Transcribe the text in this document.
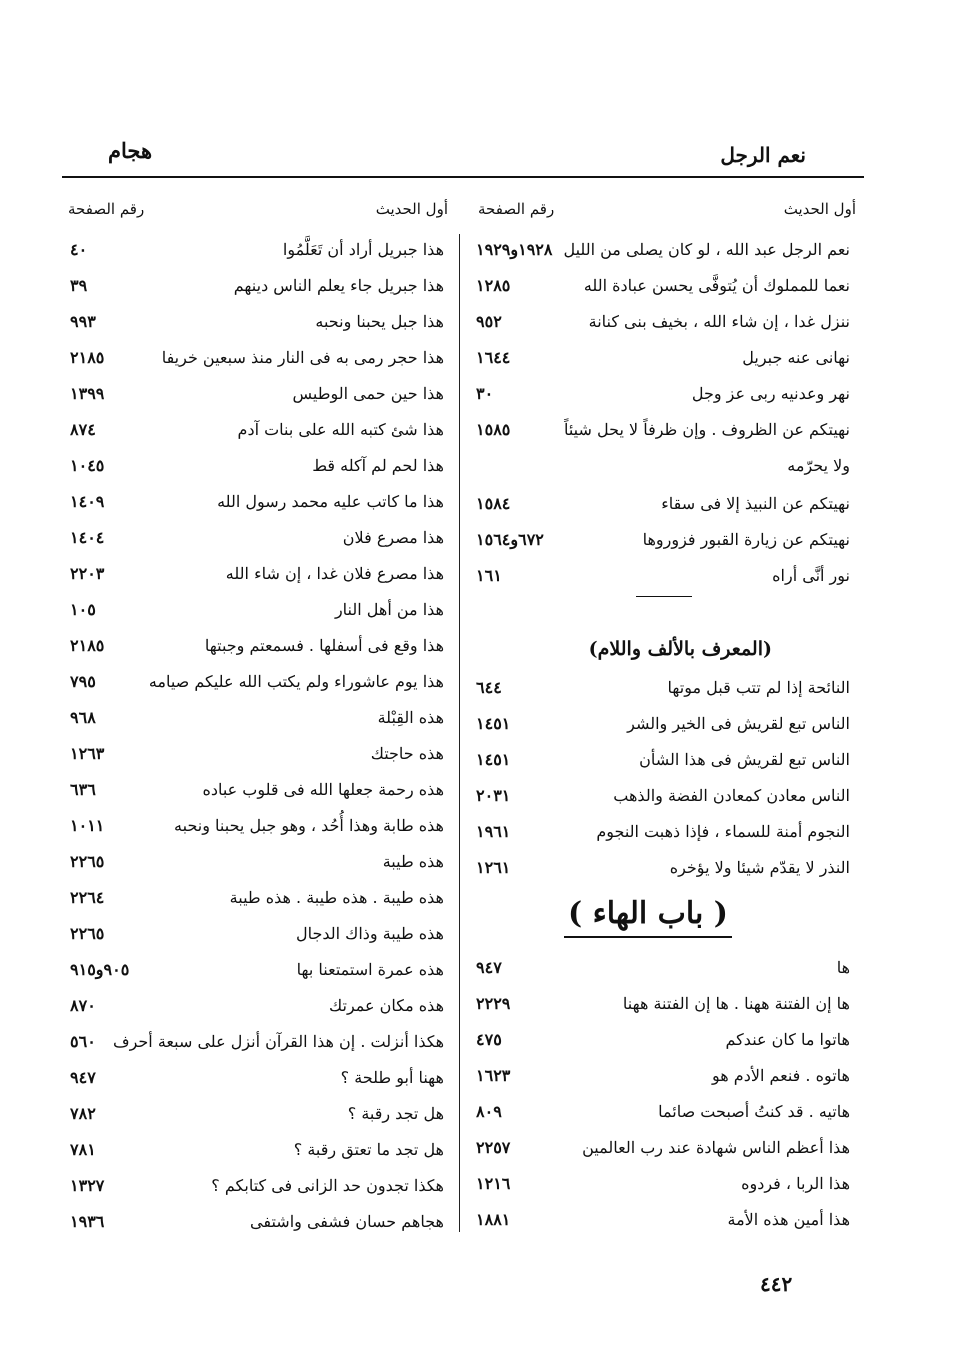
نعم الرجل
هجام
أول الحديث
رقم الصفحة
أول الحديث
رقم الصفحة
نعم الرجل عبد الله ، لو كان يصلى من الليل
١٩٢٨و١٩٢٩
نعما للمملوك أن يُتوفَّى يحسن عبادة الله
١٢٨٥
ننزل غدا ، إن شاء الله ، بخيف بنى كنانة
٩٥٢
نهانى عنه جبريل
١٦٤٤
نهر وعدنيه ربى عز وجل
٣٠
نهيتكم عن الظروف . وإن ظرفاً لا يحل شيئاً
١٥٨٥
ولا يحرّمه
نهيتكم عن النبيذ إلا فى سقاء
١٥٨٤
نهيتكم عن زيارة القبور فزوروها
٦٧٢و١٥٦٤
نور أنَّى أراه
١٦١
(المعرف بالألف واللام)
النائحة إذا لم تتب قبل موتها
٦٤٤
الناس تبع لقريش فى الخير والشر
١٤٥١
الناس تبع لقريش فى هذا الشأن
١٤٥١
الناس معادن كمعادن الفضة والذهب
٢٠٣١
النجوم أمنة للسماء ، فإذا ذهبت النجوم
١٩٦١
النذر لا يقدّم شيئا ولا يؤخره
١٢٦١
( باب الهاء )
ها
٩٤٧
ها إن الفتنة ههنا . ها إن الفتنة ههنا
٢٢٢٩
هاتوا ما كان عندكم
٤٧٥
هاتوه . فنعم الأدم هو
١٦٢٣
هاتيه . قد كنتُ أصبحت صائما
٨٠٩
هذا أعظم الناس شهادة عند رب العالمين
٢٢٥٧
هذا الربا ، فردوه
١٢١٦
هذا أمين هذه الأمة
١٨٨١
هذا جبريل أراد أن تَعَلَّمُوا
٤٠
هذا جبريل جاء يعلم الناس دينهم
٣٩
هذا جبل يحبنا ونحبه
٩٩٣
هذا حجر رمى به فى النار منذ سبعين خريفا
٢١٨٥
هذا حين حمى الوطيس
١٣٩٩
هذا شئ كتبه الله على بنات آدم
٨٧٤
هذا لحم لم آكله قط
١٠٤٥
هذا ما كاتب عليه محمد رسول الله
١٤٠٩
هذا مصرع فلان
١٤٠٤
هذا مصرع فلان غدا ، إن شاء الله
٢٢٠٣
هذا من أهل النار
١٠٥
هذا وقع فى أسفلها . فسمعتم وجبتها
٢١٨٥
هذا يوم عاشوراء ولم يكتب الله عليكم صيامه
٧٩٥
هذه القِبْلة
٩٦٨
هذه حاجتك
١٢٦٣
هذه رحمة جعلها الله فى قلوب عباده
٦٣٦
هذه طابة وهذا أُحُد ، وهو جبل يحبنا ونحبه
١٠١١
هذه طيبة
٢٢٦٥
هذه طيبة . هذه طيبة . هذه طيبة
٢٢٦٤
هذه طيبة وذاك الدجال
٢٢٦٥
هذه عمرة استمتعنا بها
٩٠٥و٩١٥
هذه مكان عمرتك
٨٧٠
هكذا أنزلت . إن هذا القرآن أنزل على سبعة أحرف
٥٦٠
ههنا أبو طلحة ؟
٩٤٧
هل تجد رقبة ؟
٧٨٢
هل تجد ما تعتق رقبة ؟
٧٨١
هكذا تجدون حد الزانى فى كتابكم ؟
١٣٢٧
هجاهم حسان فشفى واشتفى
١٩٣٦
٤٤٢
